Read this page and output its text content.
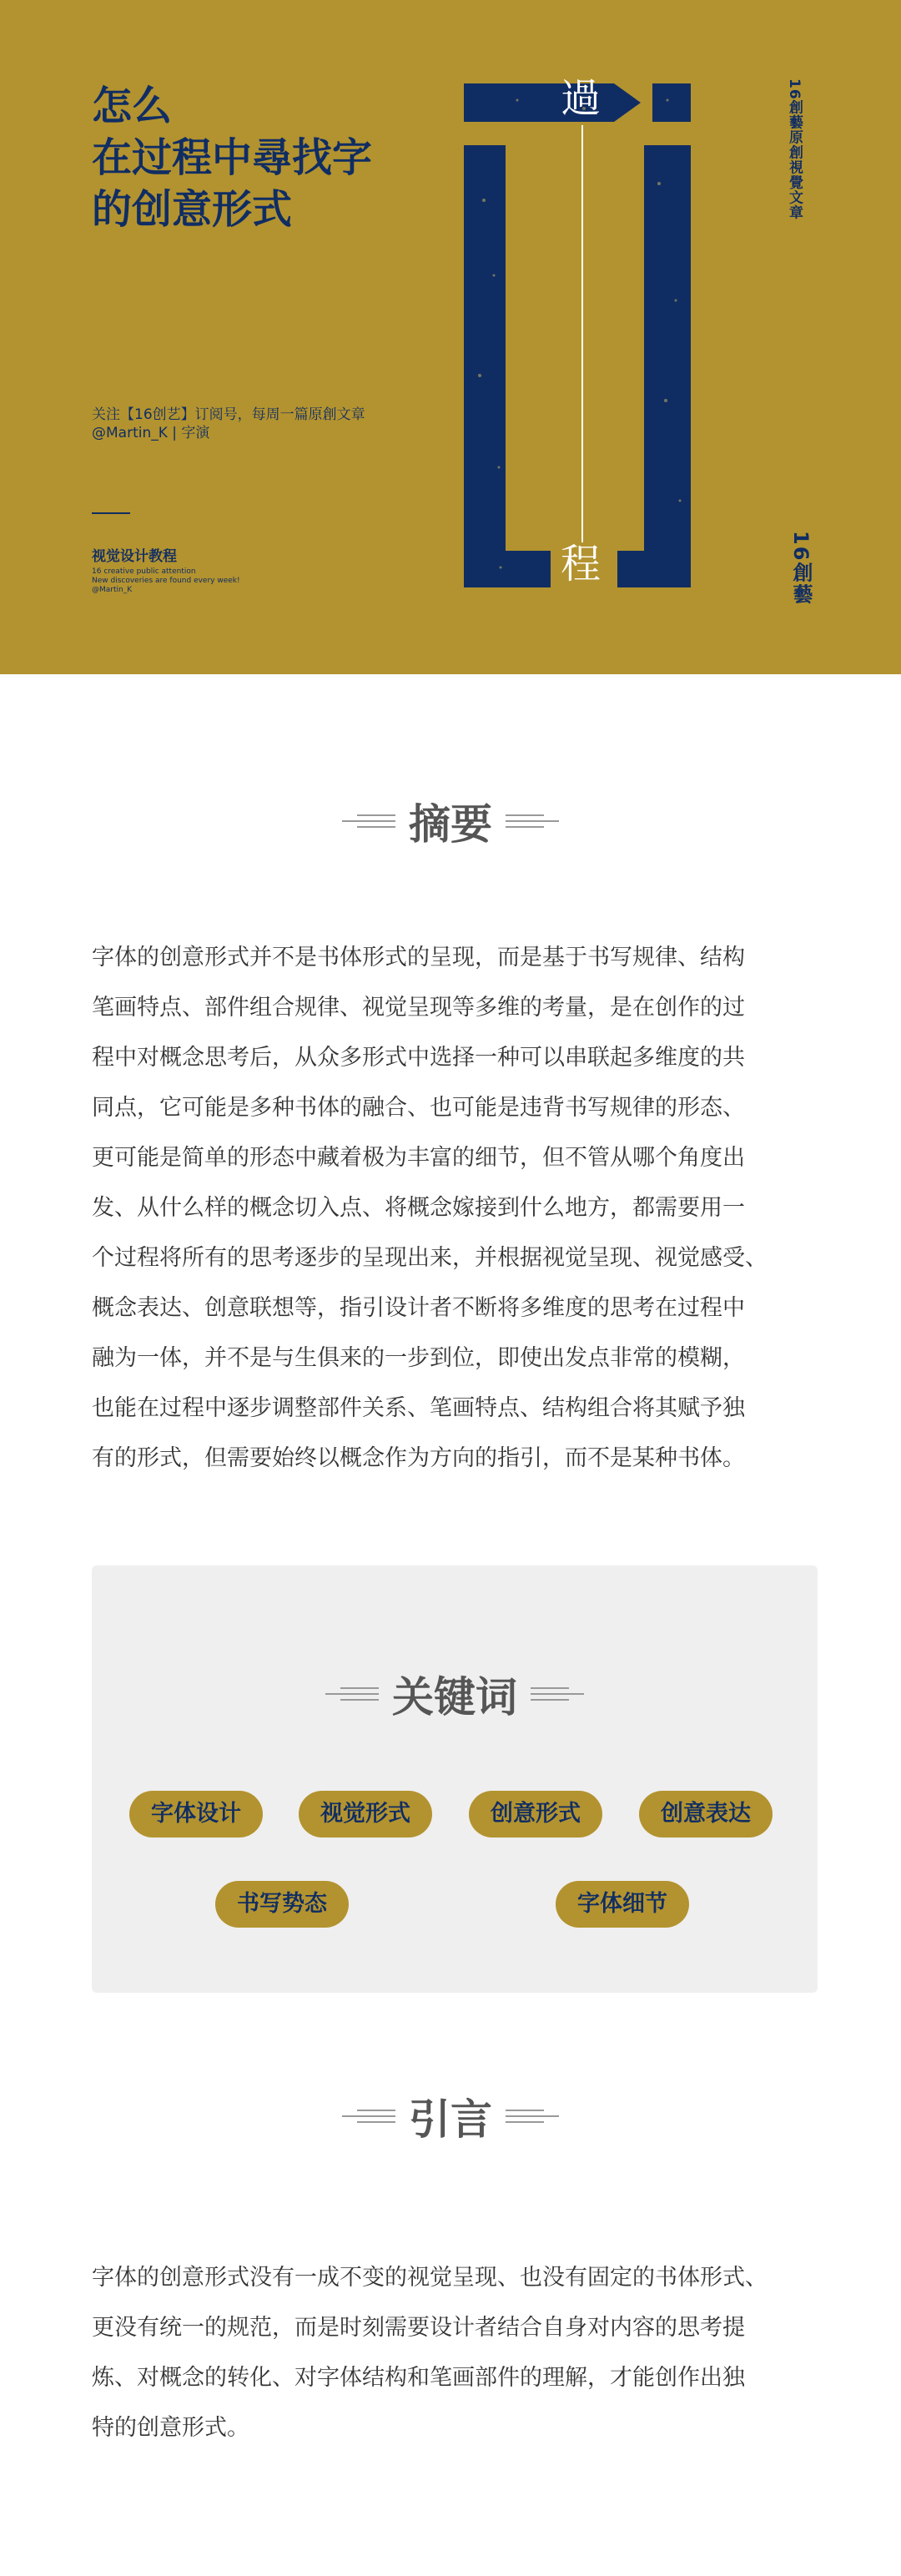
怎么
在过程中尋找字
的创意形式
关注【16创艺】订阅号，每周一篇原創文章
@Martin_K | 字演
视觉设计教程
16 creative public attention
New discoveries are found every week!
@Martin_K
過
程
16創藝原創視覺文章
16創藝
摘要
字体的创意形式并不是书体形式的呈现，而是基于书写规律、结构
笔画特点、部件组合规律、视觉呈现等多维的考量，是在创作的过
程中对概念思考后，从众多形式中选择一种可以串联起多维度的共
同点，它可能是多种书体的融合、也可能是违背书写规律的形态、
更可能是简单的形态中藏着极为丰富的细节，但不管从哪个角度出
发、从什么样的概念切入点、将概念嫁接到什么地方，都需要用一
个过程将所有的思考逐步的呈现出来，并根据视觉呈现、视觉感受、
概念表达、创意联想等，指引设计者不断将多维度的思考在过程中
融为一体，并不是与生俱来的一步到位，即使出发点非常的模糊，
也能在过程中逐步调整部件关系、笔画特点、结构组合将其赋予独
有的形式，但需要始终以概念作为方向的指引，而不是某种书体。
关键词
字体设计	视觉形式	创意形式	创意表达
书写势态	字体细节
引言
字体的创意形式没有一成不变的视觉呈现、也没有固定的书体形式、
更没有统一的规范，而是时刻需要设计者结合自身对内容的思考提
炼、对概念的转化、对字体结构和笔画部件的理解，才能创作出独
特的创意形式。
